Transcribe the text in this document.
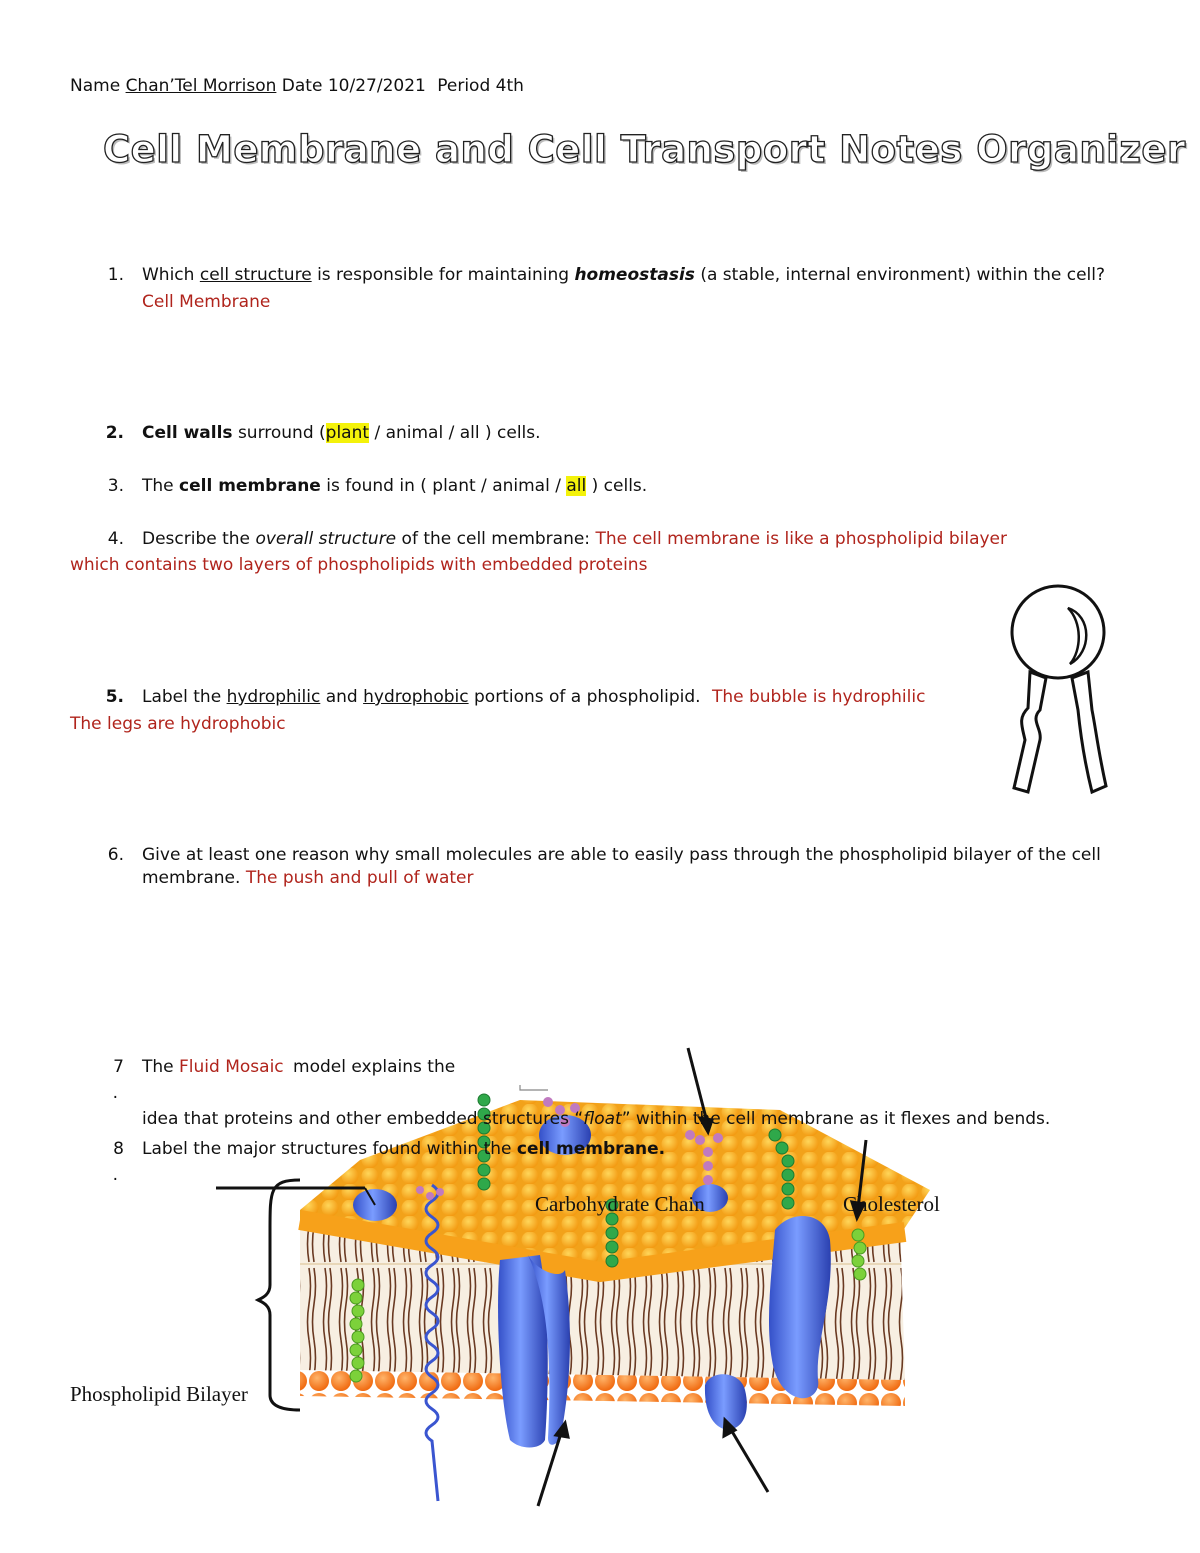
Name Chan’Tel Morrison Date 10/27/2021 Period 4th
Cell Membrane and Cell Transport Notes Organizer
1. Which cell structure is responsible for maintaining homeostasis (a stable, internal environment) within the cell?
Cell Membrane
2. Cell walls surround (plant / animal / all ) cells.
3. The cell membrane is found in ( plant / animal / all ) cells.
4. Describe the overall structure of the cell membrane: The cell membrane is like a phospholipid bilayer
which contains two layers of phospholipids with embedded proteins
5. Label the hydrophilic and hydrophobic portions of a phospholipid. The bubble is hydrophilic
The legs are hydrophobic
6. Give at least one reason why small molecules are able to easily pass through the phospholipid bilayer of the cell
membrane. The push and pull of water
7
.
The Fluid Mosaic model explains the
idea that proteins and other embedded structures “float” within the cell membrane as it flexes and bends.
8
.
Label the major structures found within the cell membrane.
Carbohydrate Chain	Cholesterol
Phospholipid Bilayer
